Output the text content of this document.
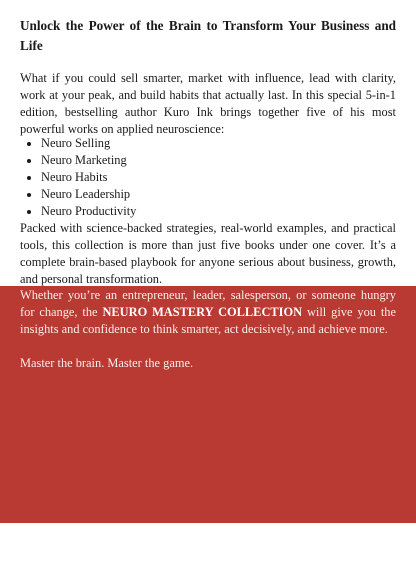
Unlock the Power of the Brain to Transform Your Business and Life

What if you could sell smarter, market with influence, lead with clarity, work at your peak, and build habits that actually last. In this special 5-in-1 edition, bestselling author Kuro Ink brings together five of his most powerful works on applied neuroscience:

• Neuro Selling
• Neuro Marketing
• Neuro Habits
• Neuro Leadership
• Neuro Productivity

Packed with science-backed strategies, real-world examples, and practical tools, this collection is more than just five books under one cover. It’s a complete brain-based playbook for anyone serious about business, growth, and personal transformation.

Whether you’re an entrepreneur, leader, salesperson, or someone hungry for change, the NEURO MASTERY COLLECTION will give you the insights and confidence to think smarter, act decisively, and achieve more.

Master the brain. Master the game.
